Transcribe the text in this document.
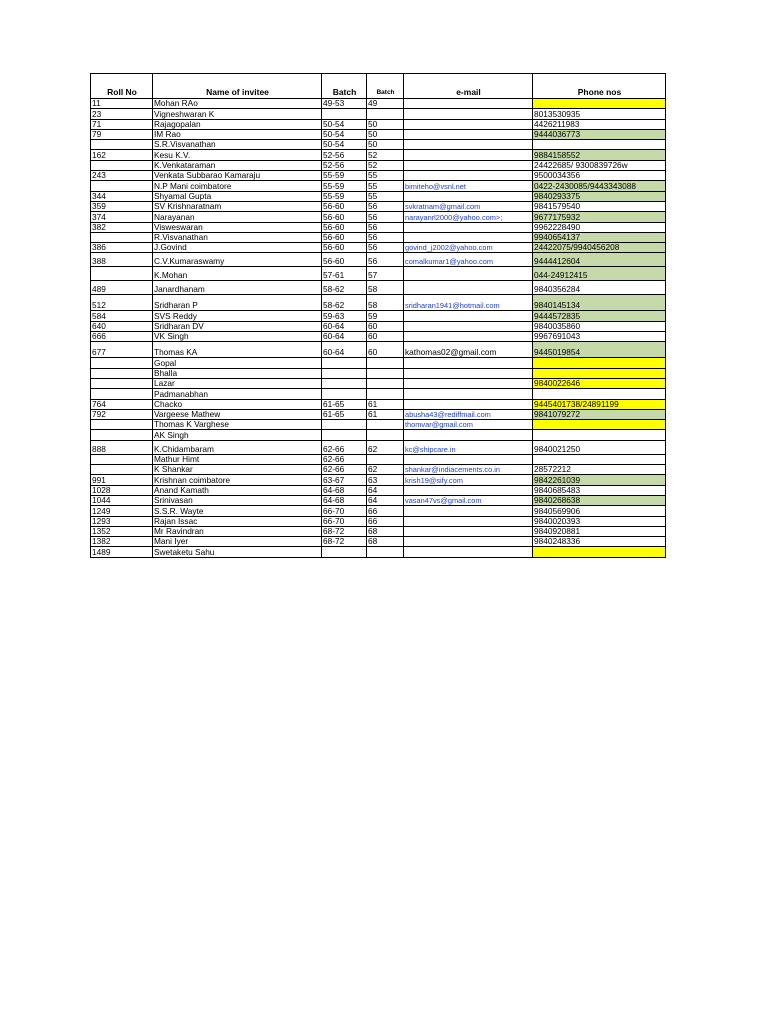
Roll No	Name of invitee	Batch	Batch	e-mail	Phone nos
11	Mohan RAo	49-53	49		
23	Vigneshwaran K				8013530935
71	Rajagopalan	50-54	50		4426211983
79	IM Rao	50-54	50		9444036773
	S.R.Visvanathan	50-54	50		
162	Kesu K.V.	52-56	52		9884158552
	K.Venkataraman	52-56	52		24422685/ 9300839726w
243	Venkata Subbarao Kamaraju	55-59	55		9500034356
	N.P Mani coimbatore	55-59	55	bimiteho@vsnl.net	0422-2430085/9443343088
344	Shyamal Gupta	55-59	55		9840293375
359	SV Krishnaratnam	56-60	56	svkratnam@gmail.com	9841579540
374	Narayanan	56-60	56	narayanrl2000@yahoo.com>;	9677175932
382	Visweswaran	56-60	56		9962228490
	R.Visvanathan	56-60	56		9940654137
386	J.Govind	56-60	56	govind_j2002@yahoo.com	24422075/9940456208
388	C.V.Kumaraswamy	56-60	56	comalkumar1@yahoo.com	9444412604
	K.Mohan	57-61	57		044-24912415
489	Janardhanam	58-62	58		9840356284
512	Sridharan P	58-62	58	sridharan1941@hotmail.com	9840145134
584	SVS Reddy	59-63	59		9444572835
640	Sridharan DV	60-64	60		9840035860
666	VK Singh	60-64	60		9967691043
677	Thomas KA	60-64	60	kathomas02@gmail.com	9445019854
	Gopal				
	Bhalla				
	Lazar				9840022646
	Padmanabhan				
764	Chacko	61-65	61		9445401738/24891199
792	Vargeese Mathew	61-65	61	abusha43@rediffmail.com	9841079272
	Thomas K Varghese			thomvar@gmail.com	
	AK Singh				
888	K.Chidambaram	62-66	62	kc@shipcare.in	9840021250
	Mathur Himt	62-66			
	K Shankar	62-66	62	shankar@indiacements.co.in	28572212
991	Krishnan coimbatore	63-67	63	krish19@sify.com	9842261039
1028	Anand Kamath	64-68	64		9840685483
1044	Srinivasan	64-68	64	vasan47vs@gmail.com	9840268638
1249	S.S.R. Wayte	66-70	66		9840569906
1293	Rajan Issac	66-70	66		9840020393
1352	Mr Ravindran	68-72	68		9840920881
1382	Mani Iyer	68-72	68		9840248336
1489	Swetaketu Sahu				
